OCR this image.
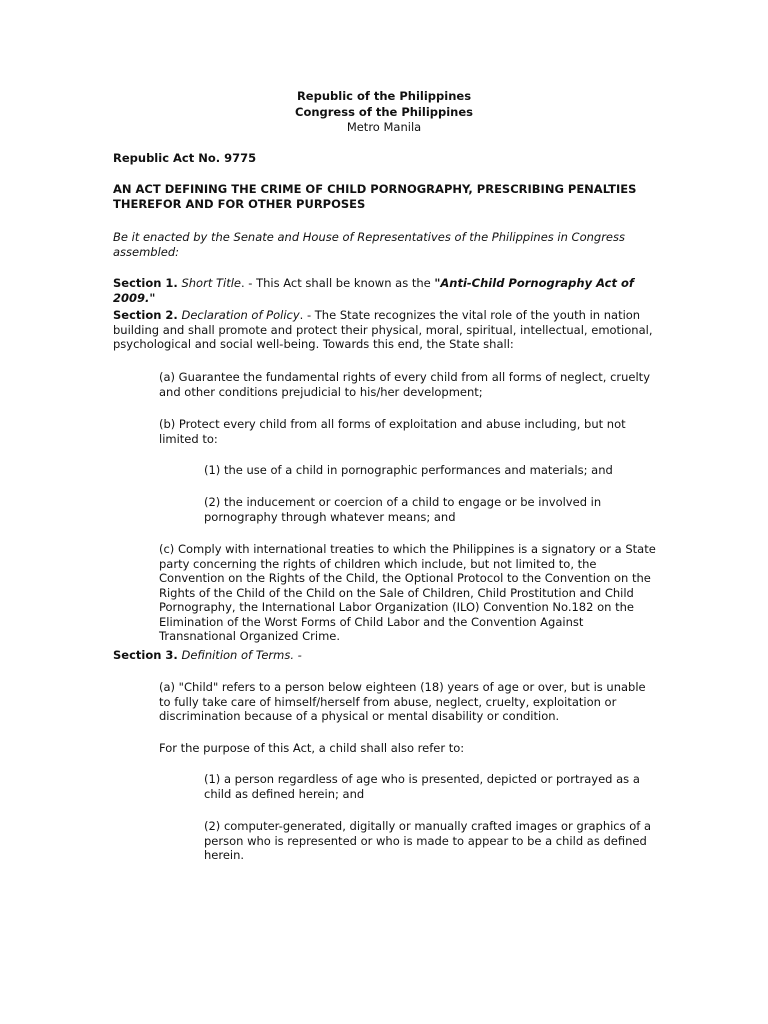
Republic of the Philippines
Congress of the Philippines
Metro Manila

Republic Act No. 9775

AN ACT DEFINING THE CRIME OF CHILD PORNOGRAPHY, PRESCRIBING PENALTIES THEREFOR AND FOR OTHER PURPOSES

Be it enacted by the Senate and House of Representatives of the Philippines in Congress assembled:

Section 1. Short Title. - This Act shall be known as the "Anti-Child Pornography Act of 2009."

Section 2. Declaration of Policy. - The State recognizes the vital role of the youth in nation building and shall promote and protect their physical, moral, spiritual, intellectual, emotional, psychological and social well-being. Towards this end, the State shall:

(a) Guarantee the fundamental rights of every child from all forms of neglect, cruelty and other conditions prejudicial to his/her development;

(b) Protect every child from all forms of exploitation and abuse including, but not limited to:

(1) the use of a child in pornographic performances and materials; and

(2) the inducement or coercion of a child to engage or be involved in pornography through whatever means; and

(c) Comply with international treaties to which the Philippines is a signatory or a State party concerning the rights of children which include, but not limited to, the Convention on the Rights of the Child, the Optional Protocol to the Convention on the Rights of the Child of the Child on the Sale of Children, Child Prostitution and Child Pornography, the International Labor Organization (ILO) Convention No.182 on the Elimination of the Worst Forms of Child Labor and the Convention Against Transnational Organized Crime.

Section 3. Definition of Terms. -

(a) "Child" refers to a person below eighteen (18) years of age or over, but is unable to fully take care of himself/herself from abuse, neglect, cruelty, exploitation or discrimination because of a physical or mental disability or condition.

For the purpose of this Act, a child shall also refer to:

(1) a person regardless of age who is presented, depicted or portrayed as a child as defined herein; and

(2) computer-generated, digitally or manually crafted images or graphics of a person who is represented or who is made to appear to be a child as defined herein.
